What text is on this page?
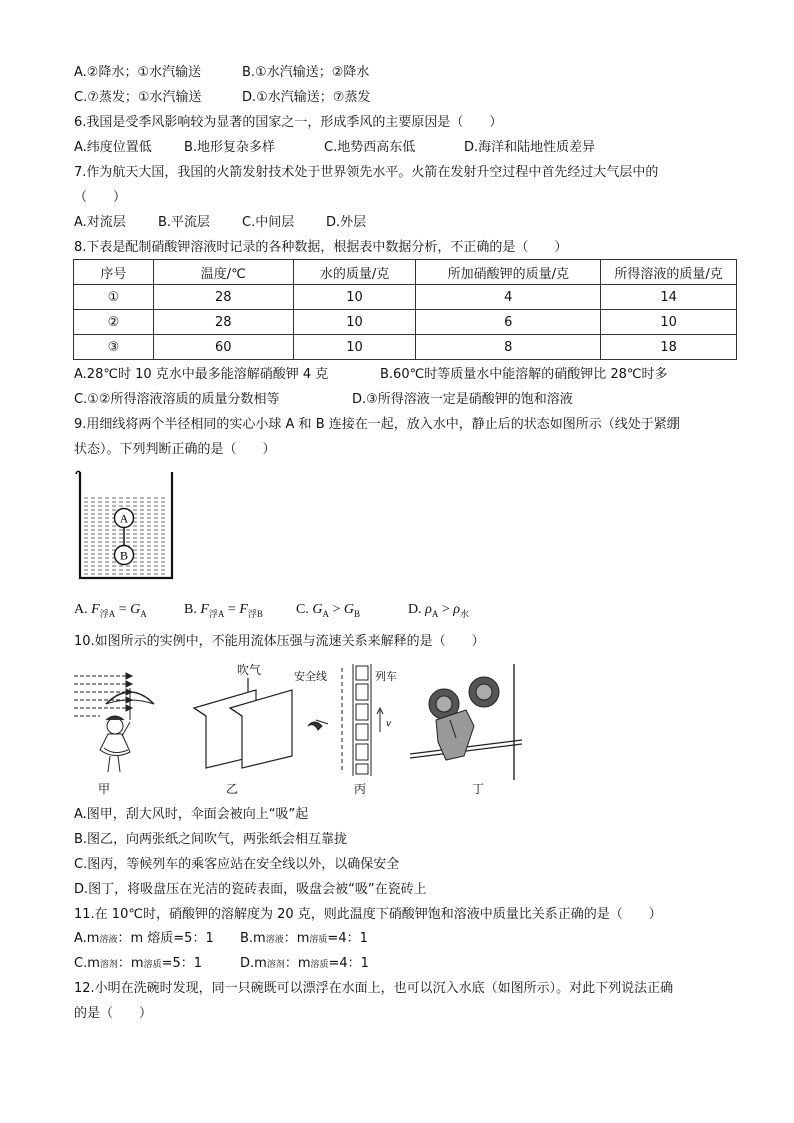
A.②降水；①水汽输送	B.①水汽输送；②降水
C.⑦蒸发；①水汽输送	D.①水汽输送；⑦蒸发
6.我国是受季风影响较为显著的国家之一，形成季风的主要原因是（　　）
A.纬度位置低 B.地形复杂多样	C.地势西高东低	D.海洋和陆地性质差异
7.作为航天大国，我国的火箭发射技术处于世界领先水平。火箭在发射升空过程中首先经过大气层中的
（　　）
A.对流层 B.平流层 C.中间层 D.外层
8.下表是配制硝酸钾溶液时记录的各种数据，根据表中数据分析，不正确的是（　　）
序号	温度/℃	水的质量/克	所加硝酸钾的质量/克	所得溶液的质量/克
①	28	10	4	14
②	28	10	6	10
③	60	10	8	18
A.28℃时 10 克水中最多能溶解硝酸钾 4 克	B.60℃时等质量水中能溶解的硝酸钾比 28℃时多
C.①②所得溶液溶质的质量分数相等	D.③所得溶液一定是硝酸钾的饱和溶液
9.用细线将两个半径相同的实心小球 A 和 B 连接在一起，放入水中，静止后的状态如图所示（线处于紧绷
状态）。下列判断正确的是（　　）
A
B
A. $F_{浮A} = G_A$	B. $F_{浮A} = F_{浮B}$ C. $G_A > G_B$	D. $\rho_A > \rho_水$
10.如图所示的实例中，不能用流体压强与流速关系来解释的是（　　）
吹气	安全线	列车
v
甲	乙	丙	丁
A.图甲，刮大风时，伞面会被向上“吸”起
B.图乙，向两张纸之间吹气，两张纸会相互靠拢
C.图丙，等候列车的乘客应站在安全线以外，以确保安全
D.图丁，将吸盘压在光洁的瓷砖表面，吸盘会被“吸”在瓷砖上
11.在 10℃时，硝酸钾的溶解度为 20 克，则此温度下硝酸钾饱和溶液中质量比关系正确的是（　　）
A.m溶液：m 熔质=5：1 B.m溶液：m溶质=4：1
C.m溶剂：m溶质=5：1	D.m溶剂：m溶质=4：1
12.小明在洗碗时发现，同一只碗既可以漂浮在水面上，也可以沉入水底（如图所示）。对此下列说法正确
的是（　　）
